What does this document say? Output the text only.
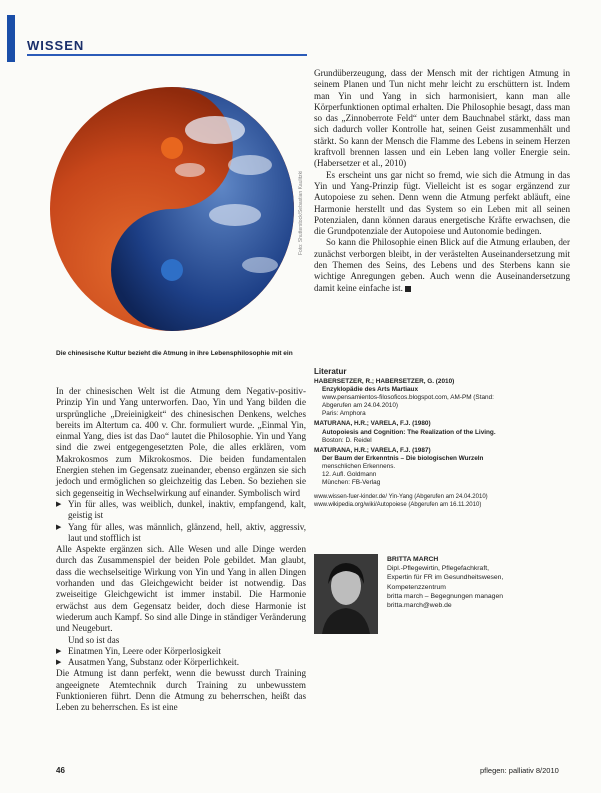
WISSEN
Foto: Shutterstock/Sebastian Kaulitzki
Die chinesische Kultur bezieht die Atmung in ihre Lebensphilosophie mit ein

In der chinesischen Welt ist die Atmung dem Negativ-positiv-Prinzip Yin und Yang unterworfen. Dao, Yin und Yang bilden die ursprüngliche „Dreieinigkeit“ des chinesischen Denkens, welches bereits im Altertum ca. 400 v. Chr. formuliert wurde. „Einmal Yin, einmal Yang, dies ist das Dao“ lautet die Philosophie. Yin und Yang sind die zwei entgegengesetzten Pole, die alles erklären, vom Makrokosmos zum Mikrokosmos. Die beiden fundamentalen Energien stehen im Gegensatz zueinander, ebenso ergänzen sie sich jedoch und ermöglichen so gleichzeitig das Leben. So beziehen sie sich gegenseitig in Wechselwirkung auf einander. Symbolisch wird

▶ Yin für alles, was weiblich, dunkel, inaktiv, empfangend, kalt, geistig ist
▶ Yang für alles, was männlich, glänzend, hell, aktiv, aggressiv, laut und stofflich ist

Alle Aspekte ergänzen sich. Alle Wesen und alle Dinge werden durch das Zusammenspiel der beiden Pole gebildet. Man glaubt, dass die wechselseitige Wirkung von Yin und Yang in allen Dingen vorhanden und das Gleichgewicht beider ist notwendig. Das zweiseitige Gleichgewicht ist immer instabil. Die Harmonie erwächst aus dem Gegensatz beider, doch diese Harmonie ist wiederum auch Kampf. So sind alle Dinge in ständiger Veränderung und Neugeburt.

Und so ist das

▶ Einatmen Yin, Leere oder Körperlosigkeit
▶ Ausatmen Yang, Substanz oder Körperlichkeit.

Die Atmung ist dann perfekt, wenn die bewusst durch Training angeeignete Atemtechnik durch Training zu unbewusstem Funktionieren führt. Denn die Atmung zu beherrschen, heißt das Leben zu beherrschen. Es ist eine

Grundüberzeugung, dass der Mensch mit der richtigen Atmung in seinem Planen und Tun nicht mehr leicht zu erschüttern ist. Indem man Yin und Yang in sich harmonisiert, kann man alle Körperfunktionen optimal erhalten. Die Philosophie besagt, dass man so das „Zinnoberrote Feld“ unter dem Bauchnabel stärkt, dass man sich dadurch voller Kontrolle hat, seinen Geist zusammenhält und stärkt. So kann der Mensch die Flamme des Lebens in seinem Herzen kraftvoll brennen lassen und ein Leben lang voller Energie sein. (Habersetzer et al., 2010)

Es erscheint uns gar nicht so fremd, wie sich die Atmung in das Yin und Yang-Prinzip fügt. Vielleicht ist es sogar ergänzend zur Autopoiese zu sehen. Denn wenn die Atmung perfekt abläuft, eine Harmonie herstellt und das System so ein Leben mit all seinen Potenzialen, dann können daraus energetische Kräfte erwachsen, die die Grundpotenziale der Autopoiese und Autonomie bedingen.

So kann die Philosophie einen Blick auf die Atmung erlauben, der zunächst verborgen bleibt, in der verästelten Auseinandersetzung mit den Themen des Seins, des Lebens und des Sterbens kann sie wichtige Anregungen geben. Auch wenn die Auseinandersetzung damit keine einfache ist.

Literatur
HABERSETZER, R.; HABERSETZER, G. (2010)
Enzyklopädie des Arts Martiaux
www.pensamientos-filosoficos.blogspot.com, AM-PM (Stand:
Abgerufen am 24.04.2010)
Paris: Amphora
MATURANA, H.R.; VARELA, F.J. (1980)
Autopoiesis and Cognition: The Realization of the Living.
Boston: D. Reidel
MATURANA, H.R.; VARELA, F.J. (1987)
Der Baum der Erkenntnis – Die biologischen Wurzeln
menschlichen Erkennens.
12. Aufl. Goldmann
München: FB-Verlag
www.wissen-fuer-kinder.de/ Yin-Yang (Abgerufen am 24.04.2010)
www.wikipedia.org/wiki/Autopoiese (Abgerufen am 16.11.2010)
BRITTA MARCH
Dipl.-Pflegewirtin, Pflegefachkraft,
Expertin für FR im Gesundheitswesen,
Kompetenzzentrum
britta march – Begegnungen managen
britta.march@web.de
46	pflegen: palliativ 8/2010
